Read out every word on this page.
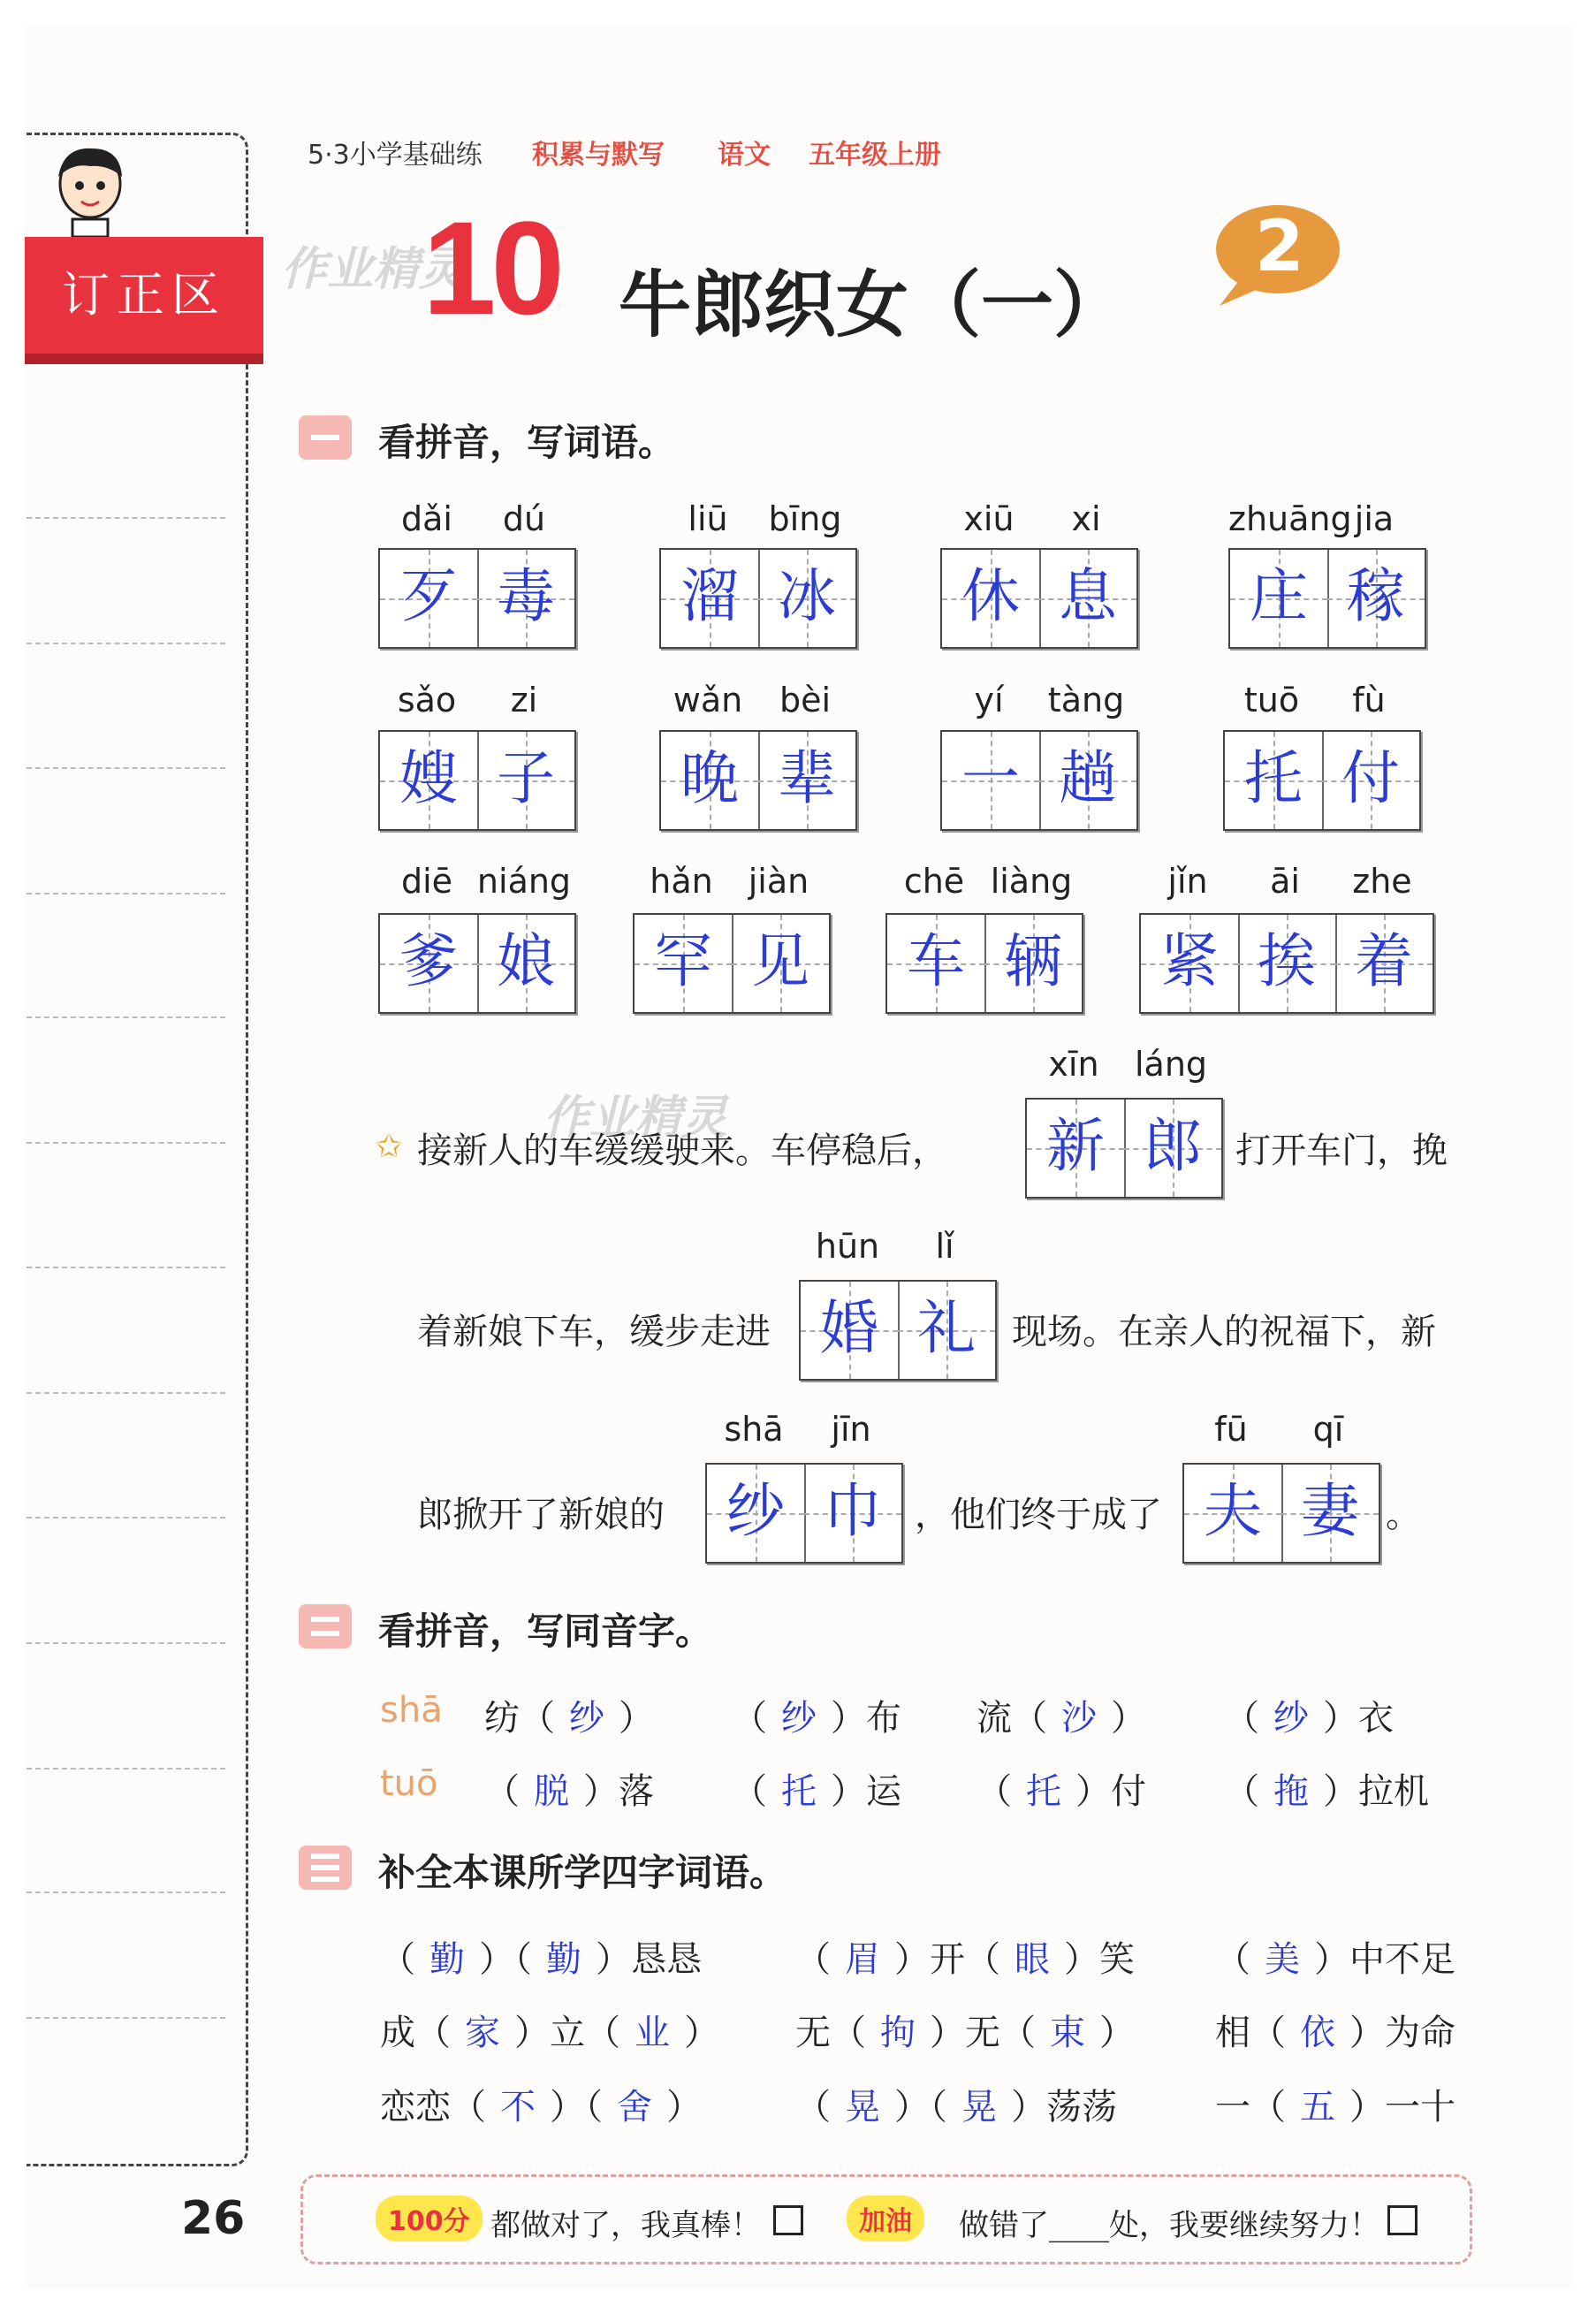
订正区
5·3小学基础练 积累与默写 语文 五年级上册
作业精灵
10 牛郎织女（一）
2
看拼音，写词语。
dǎi	dú
歹 毒
liū	bīng
溜 冰
xiū	xi
休 息
zhuāng jia
庄 稼
sǎo	zi
嫂 子
wǎn	bèi
晚 辈
yí	tàng
一 趟
tuō	fù
托 付
diē niáng
爹 娘
hǎn	jiàn
罕 见
chē liàng
车 辆
jǐn	āi	zhe
紧 挨 着
xīn	láng
新 郎
hūn	lǐ
婚 礼
shā	jīn
纱 巾
fū	qī
夫 妻
✩
作业精灵
接新人的车缓缓驶来。车停稳后，	打开车门，挽
着新娘下车，缓步走进	现场。在亲人的祝福下，新
郎掀开了新娘的	，他们终于成了	。
看拼音，写同音字。
shā 纺（ 纱 ） （ 纱 ）布 流（ 沙 ） （ 纱 ）衣
tuō （ 脱 ）落 （ 托 ）运 （ 托 ）付 （ 拖 ）拉机
补全本课所学四字词语。
（ 勤 ）（ 勤 ）恳恳	（ 眉 ）开（ 眼 ）笑 （ 美 ）中不足
成（ 家 ）立（ 业 ） 无（ 拘 ）无（ 束 ） 相（ 依 ）为命
恋恋（ 不 ）（ 舍 ）	（ 晃 ）（ 晃 ）荡荡	一（ 五 ）一十
26	100分 都做对了，我真棒！	加油	做错了____处，我要继续努力！
